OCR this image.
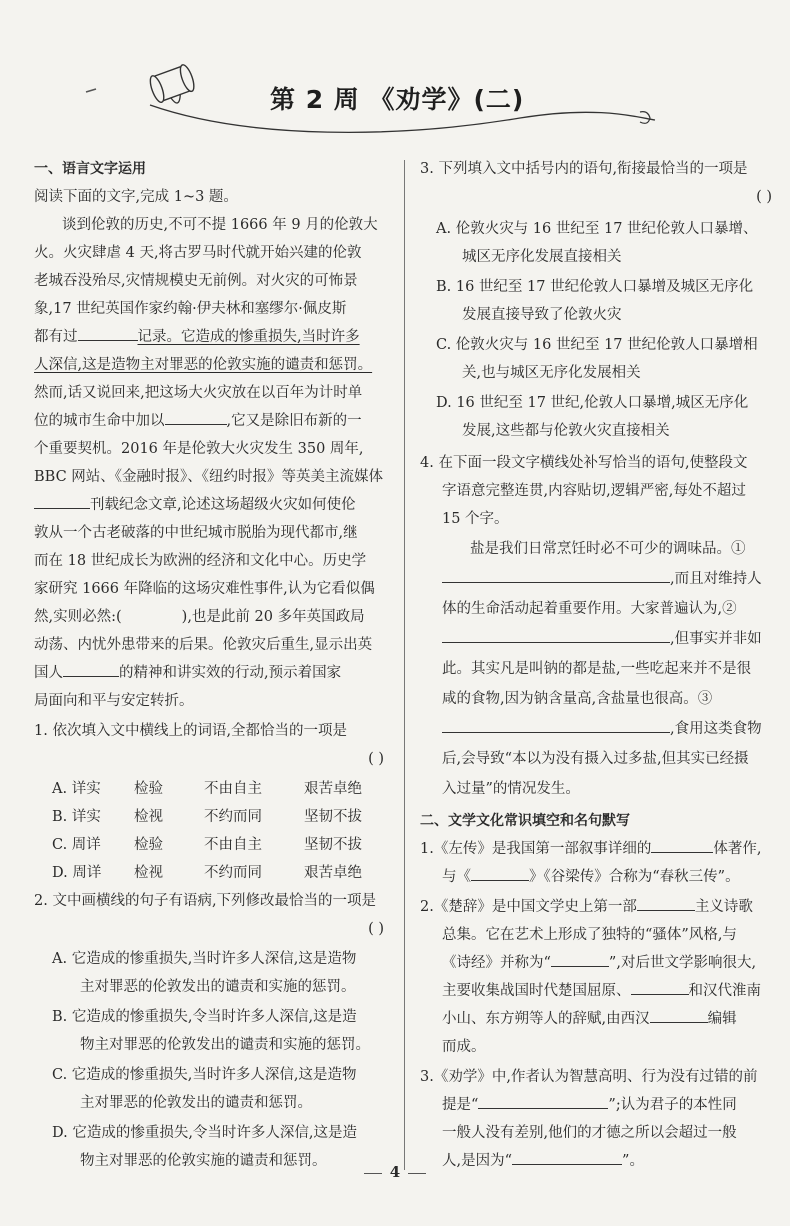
第 2 周 《劝学》(二)
一、语言文字运用
阅读下面的文字,完成 1~3 题。
谈到伦敦的历史,不可不提 1666 年 9 月的伦敦大
火。火灾肆虐 4 天,将古罗马时代就开始兴建的伦敦
老城吞没殆尽,灾情规模史无前例。对火灾的可怖景
象,17 世纪英国作家约翰·伊夫林和塞缪尔·佩皮斯
都有过	记录。它造成的惨重损失,当时许多
人深信,这是造物主对罪恶的伦敦实施的谴责和惩罚。
然而,话又说回来,把这场大火灾放在以百年为计时单
位的城市生命中加以	,它又是除旧布新的一
个重要契机。2016 年是伦敦大火灾发生 350 周年,
BBC 网站、《金融时报》、《纽约时报》等英美主流媒体
刊载纪念文章,论述这场超级火灾如何使伦
敦从一个古老破落的中世纪城市脱胎为现代都市,继
而在 18 世纪成长为欧洲的经济和文化中心。历史学
家研究 1666 年降临的这场灾难性事件,认为它看似偶
然,实则必然:(	),也是此前 20 多年英国政局
动荡、内忧外患带来的后果。伦敦灾后重生,显示出英
国人	的精神和讲实效的行动,预示着国家
局面向和平与安定转折。
1. 依次填入文中横线上的词语,全都恰当的一项是
( )
A. 详实 检验	不由自主	艰苦卓绝
B. 详实 检视	不约而同	坚韧不拔
C. 周详 检验	不由自主	坚韧不拔
D. 周详 检视	不约而同	艰苦卓绝
2. 文中画横线的句子有语病,下列修改最恰当的一项是
( )
A. 它造成的惨重损失,当时许多人深信,这是造物
主对罪恶的伦敦发出的谴责和实施的惩罚。
B. 它造成的惨重损失,令当时许多人深信,这是造
物主对罪恶的伦敦发出的谴责和实施的惩罚。
C. 它造成的惨重损失,当时许多人深信,这是造物
主对罪恶的伦敦发出的谴责和惩罚。
D. 它造成的惨重损失,令当时许多人深信,这是造
物主对罪恶的伦敦实施的谴责和惩罚。
3. 下列填入文中括号内的语句,衔接最恰当的一项是
( )
A. 伦敦火灾与 16 世纪至 17 世纪伦敦人口暴增、
城区无序化发展直接相关
B. 16 世纪至 17 世纪伦敦人口暴增及城区无序化
发展直接导致了伦敦火灾
C. 伦敦火灾与 16 世纪至 17 世纪伦敦人口暴增相
关,也与城区无序化发展相关
D. 16 世纪至 17 世纪,伦敦人口暴增,城区无序化
发展,这些都与伦敦火灾直接相关
4. 在下面一段文字横线处补写恰当的语句,使整段文
字语意完整连贯,内容贴切,逻辑严密,每处不超过
15 个字。
盐是我们日常烹饪时必不可少的调味品。①
,而且对维持人
体的生命活动起着重要作用。大家普遍认为,②
,但事实并非如
此。其实凡是叫钠的都是盐,一些吃起来并不是很
咸的食物,因为钠含量高,含盐量也很高。③
,食用这类食物
后,会导致“本以为没有摄入过多盐,但其实已经摄
入过量”的情况发生。
二、文学文化常识填空和名句默写
1.《左传》是我国第一部叙事详细的	体著作,
与《	》《谷梁传》合称为“春秋三传”。
2.《楚辞》是中国文学史上第一部	主义诗歌
总集。它在艺术上形成了独特的“骚体”风格,与
《诗经》并称为“	”,对后世文学影响很大,
主要收集战国时代楚国屈原、	和汉代淮南
小山、东方朔等人的辞赋,由西汉	编辑
而成。
3.《劝学》中,作者认为智慧高明、行为没有过错的前
提是“	”;认为君子的本性同
一般人没有差别,他们的才德之所以会超过一般
人,是因为“	”。
4
